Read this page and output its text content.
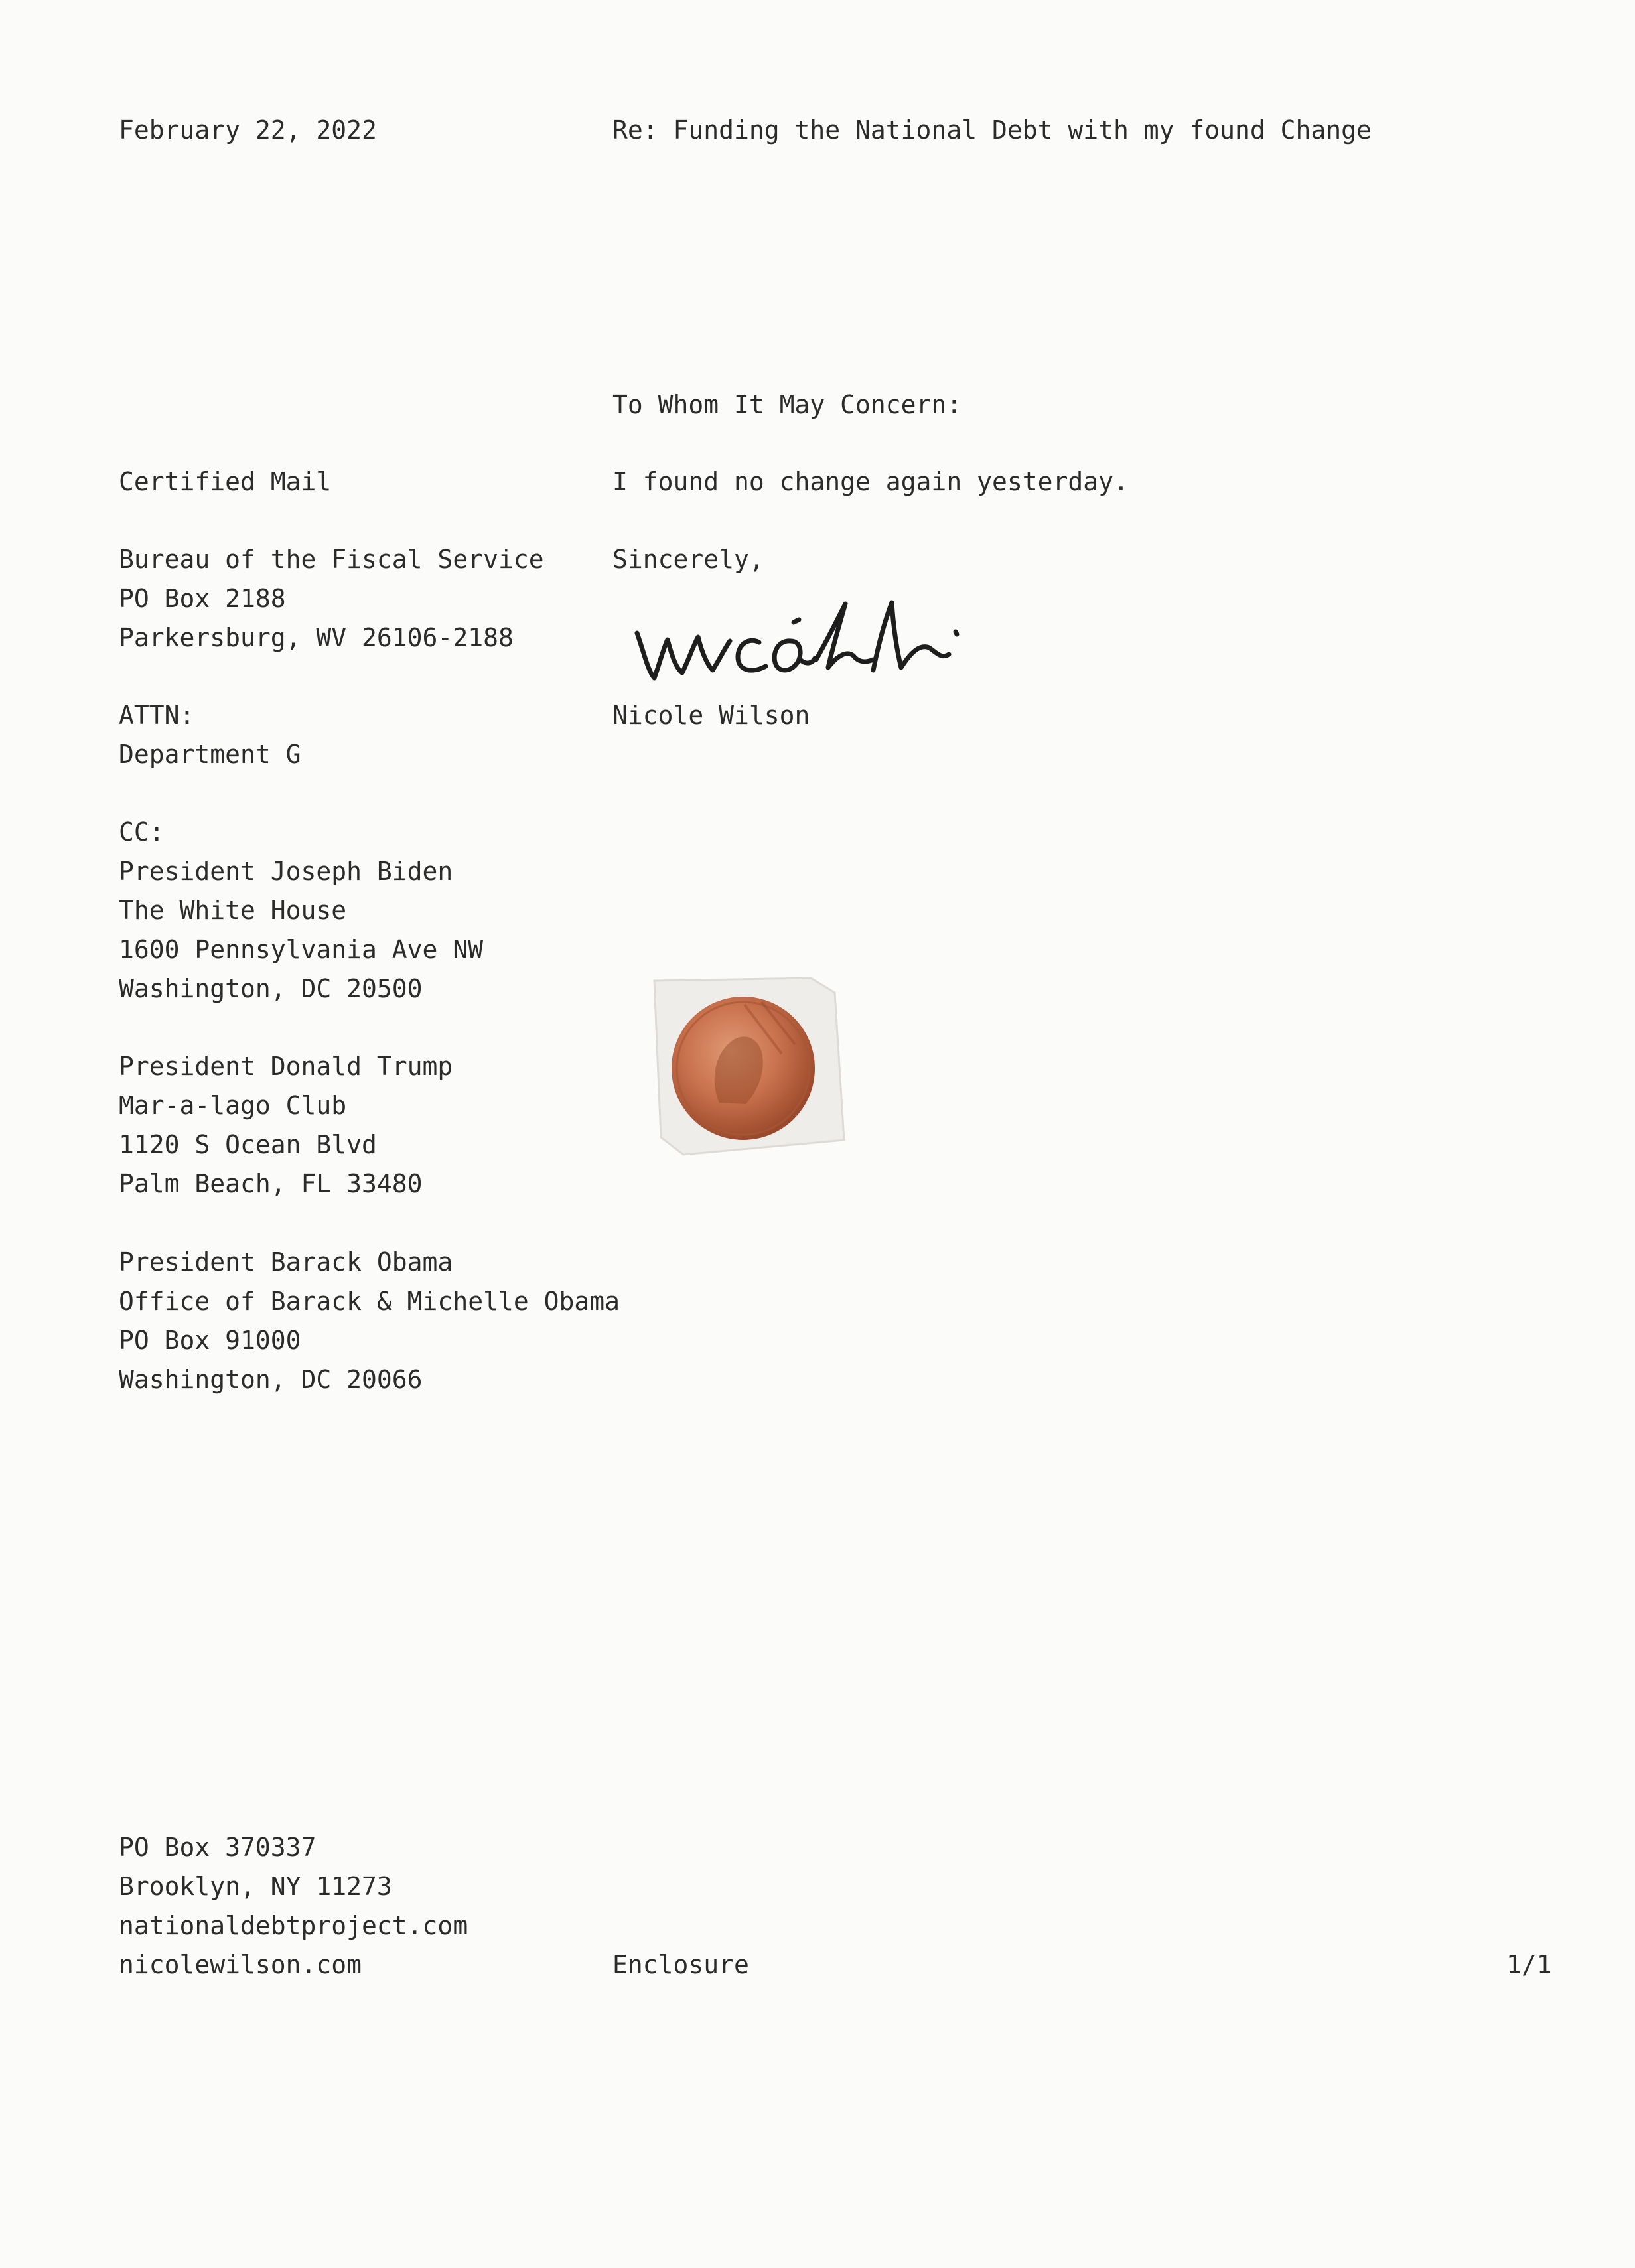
February 22, 2022	Re: Funding the National Debt with my found Change

To Whom It May Concern:

I found no change again yesterday.

Sincerely,

Nicole Wilson

Certified Mail

Bureau of the Fiscal Service
PO Box 2188
Parkersburg, WV 26106-2188
ATTN:
Department G
CC:
President Joseph Biden
The White House
1600 Pennsylvania Ave NW
Washington, DC 20500
President Donald Trump
Mar-a-lago Club
1120 S Ocean Blvd
Palm Beach, FL 33480
President Barack Obama
Office of Barack & Michelle Obama
PO Box 91000
Washington, DC 20066
PO Box 370337
Brooklyn, NY 11273
nationaldebtproject.com
nicolewilson.com	Enclosure	1/1
